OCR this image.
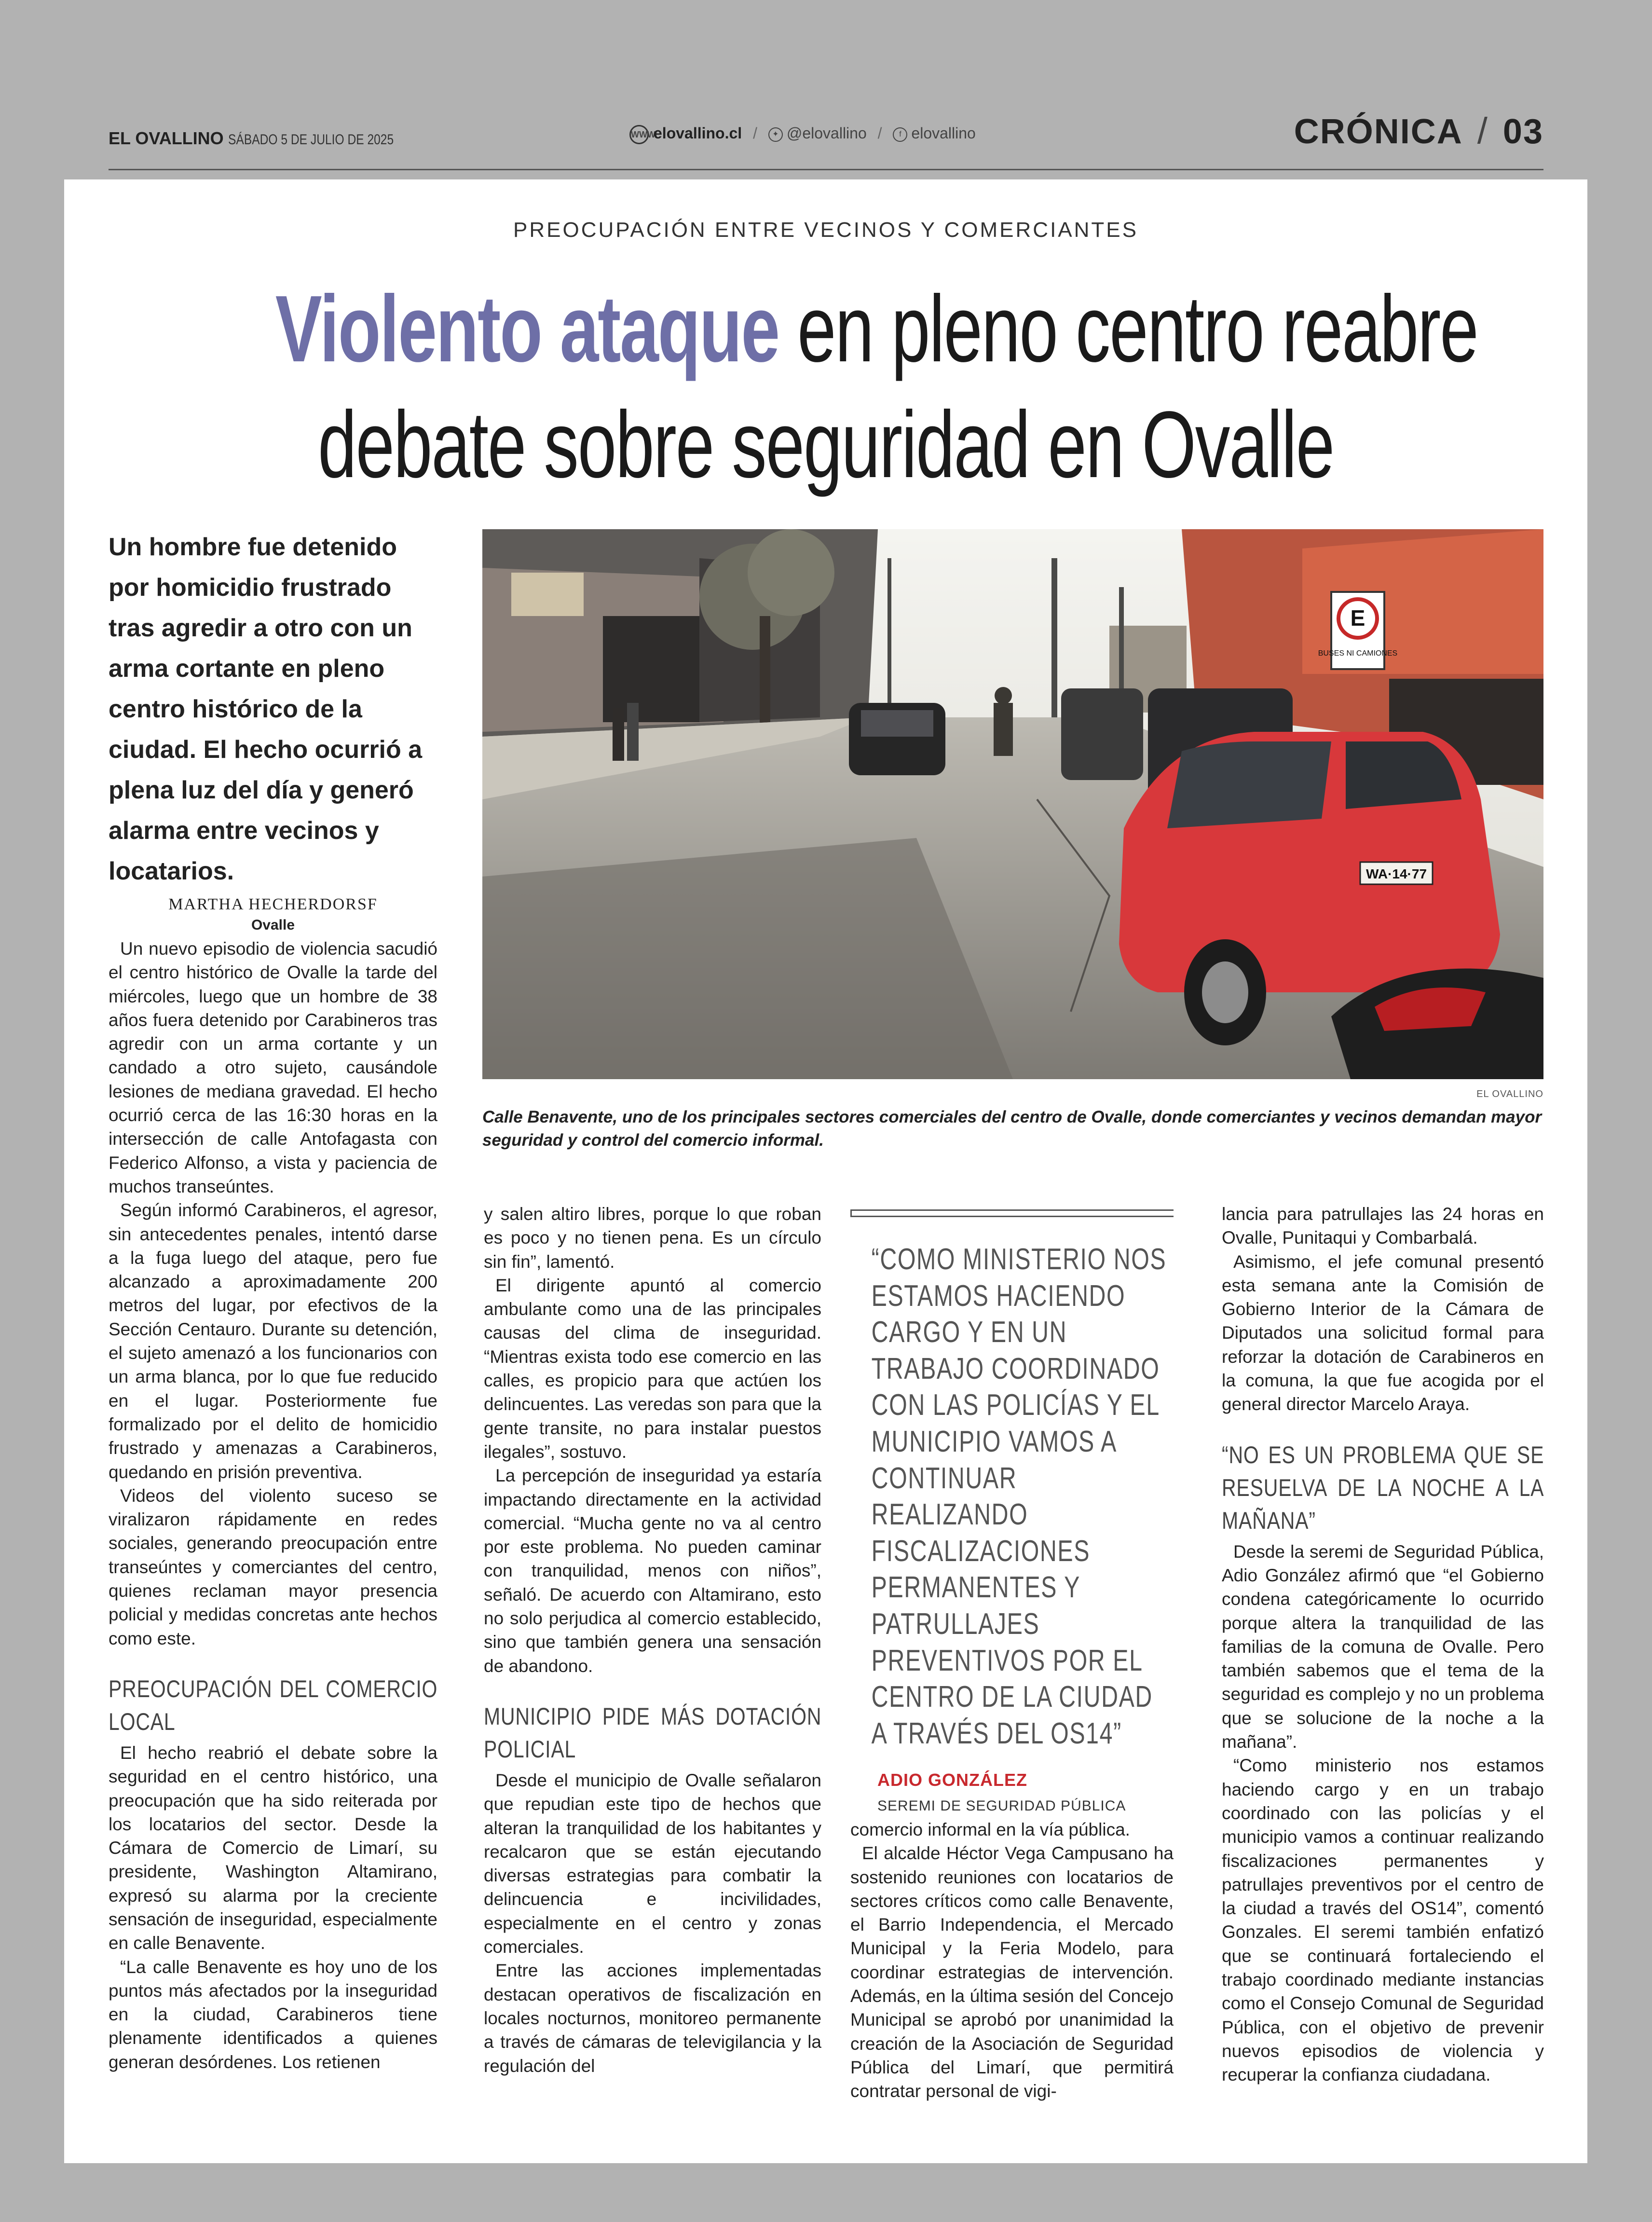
EL OVALLINO SÁBADO 5 DE JULIO DE 2025	WWWelovallino.cl / ✦ @elovallino / f elovallino	CRÓNICA / 03
PREOCUPACIÓN ENTRE VECINOS Y COMERCIANTES
Violento ataque en pleno centro reabre
debate sobre seguridad en Ovalle
Un hombre fue detenido por homicidio frustrado tras agredir a otro con un arma cortante en pleno centro histórico de la ciudad. El hecho ocurrió a plena luz del día y generó alarma entre vecinos y locatarios.
E
BUSES NI CAMIONES
WA·14·77
EL OVALLINO
Calle Benavente, uno de los principales sectores comerciales del centro de Ovalle, donde comerciantes y vecinos demandan mayor seguridad y control del comercio informal.
MARTHA HECHERDORSF
Ovalle

Un nuevo episodio de violencia sacudió el centro histórico de Ovalle la tarde del miércoles, luego que un hombre de 38 años fuera detenido por Carabineros tras agredir con un arma cortante y un candado a otro sujeto, causándole lesiones de mediana gravedad. El hecho ocurrió cerca de las 16:30 horas en la intersección de calle Antofagasta con Federico Alfonso, a vista y paciencia de muchos transeúntes.

Según informó Carabineros, el agresor, sin antecedentes penales, intentó darse a la fuga luego del ataque, pero fue alcanzado a aproximadamente 200 metros del lugar, por efectivos de la Sección Centauro. Durante su detención, el sujeto amenazó a los funcionarios con un arma blanca, por lo que fue reducido en el lugar. Posteriormente fue formalizado por el delito de homicidio frustrado y amenazas a Carabineros, quedando en prisión preventiva.

Videos del violento suceso se viralizaron rápidamente en redes sociales, generando preocupación entre transeúntes y comerciantes del centro, quienes reclaman mayor presencia policial y medidas concretas ante hechos como este.

PREOCUPACIÓN DEL COMERCIO LOCAL

El hecho reabrió el debate sobre la seguridad en el centro histórico, una preocupación que ha sido reiterada por los locatarios del sector. Desde la Cámara de Comercio de Limarí, su presidente, Washington Altamirano, expresó su alarma por la creciente sensación de inseguridad, especialmente en calle Benavente.

“La calle Benavente es hoy uno de los puntos más afectados por la inseguridad en la ciudad, Carabineros tiene plenamente identificados a quienes generan desórdenes. Los retienen

y salen altiro libres, porque lo que roban es poco y no tienen pena. Es un círculo sin fin”, lamentó.

El dirigente apuntó al comercio ambulante como una de las principales causas del clima de inseguridad. “Mientras exista todo ese comercio en las calles, es propicio para que actúen los delincuentes. Las veredas son para que la gente transite, no para instalar puestos ilegales”, sostuvo.

La percepción de inseguridad ya estaría impactando directamente en la actividad comercial. “Mucha gente no va al centro por este problema. No pueden caminar con tranquilidad, menos con niños”, señaló. De acuerdo con Altamirano, esto no solo perjudica al comercio establecido, sino que también genera una sensación de abandono.

MUNICIPIO PIDE MÁS DOTACIÓN POLICIAL

Desde el municipio de Ovalle señalaron que repudian este tipo de hechos que alteran la tranquilidad de los habitantes y recalcaron que se están ejecutando diversas estrategias para combatir la delincuencia e incivilidades, especialmente en el centro y zonas comerciales.

Entre las acciones implementadas destacan operativos de fiscalización en locales nocturnos, monitoreo permanente a través de cámaras de televigilancia y la regulación del

“COMO MINISTERIO NOS ESTAMOS HACIENDO CARGO Y EN UN TRABAJO COORDINADO CON LAS POLICÍAS Y EL MUNICIPIO VAMOS A CONTINUAR REALIZANDO FISCALIZACIONES PERMANENTES Y PATRULLAJES PREVENTIVOS POR EL CENTRO DE LA CIUDAD A TRAVÉS DEL OS14”
ADIO GONZÁLEZ
SEREMI DE SEGURIDAD PÚBLICA

comercio informal en la vía pública.

El alcalde Héctor Vega Campusano ha sostenido reuniones con locatarios de sectores críticos como calle Benavente, el Barrio Independencia, el Mercado Municipal y la Feria Modelo, para coordinar estrategias de intervención. Además, en la última sesión del Concejo Municipal se aprobó por unanimidad la creación de la Asociación de Seguridad Pública del Limarí, que permitirá contratar personal de vigi-

lancia para patrullajes las 24 horas en Ovalle, Punitaqui y Combarbalá.

Asimismo, el jefe comunal presentó esta semana ante la Comisión de Gobierno Interior de la Cámara de Diputados una solicitud formal para reforzar la dotación de Carabineros en la comuna, la que fue acogida por el general director Marcelo Araya.

“NO ES UN PROBLEMA QUE SE RESUELVA DE LA NOCHE A LA MAÑANA”

Desde la seremi de Seguridad Pública, Adio González afirmó que “el Gobierno condena categóricamente lo ocurrido porque altera la tranquilidad de las familias de la comuna de Ovalle. Pero también sabemos que el tema de la seguridad es complejo y no un problema que se solucione de la noche a la mañana”.

“Como ministerio nos estamos haciendo cargo y en un trabajo coordinado con las policías y el municipio vamos a continuar realizando fiscalizaciones permanentes y patrullajes preventivos por el centro de la ciudad a través del OS14”, comentó Gonzales. El seremi también enfatizó que se continuará fortaleciendo el trabajo coordinado mediante instancias como el Consejo Comunal de Seguridad Pública, con el objetivo de prevenir nuevos episodios de violencia y recuperar la confianza ciudadana.
